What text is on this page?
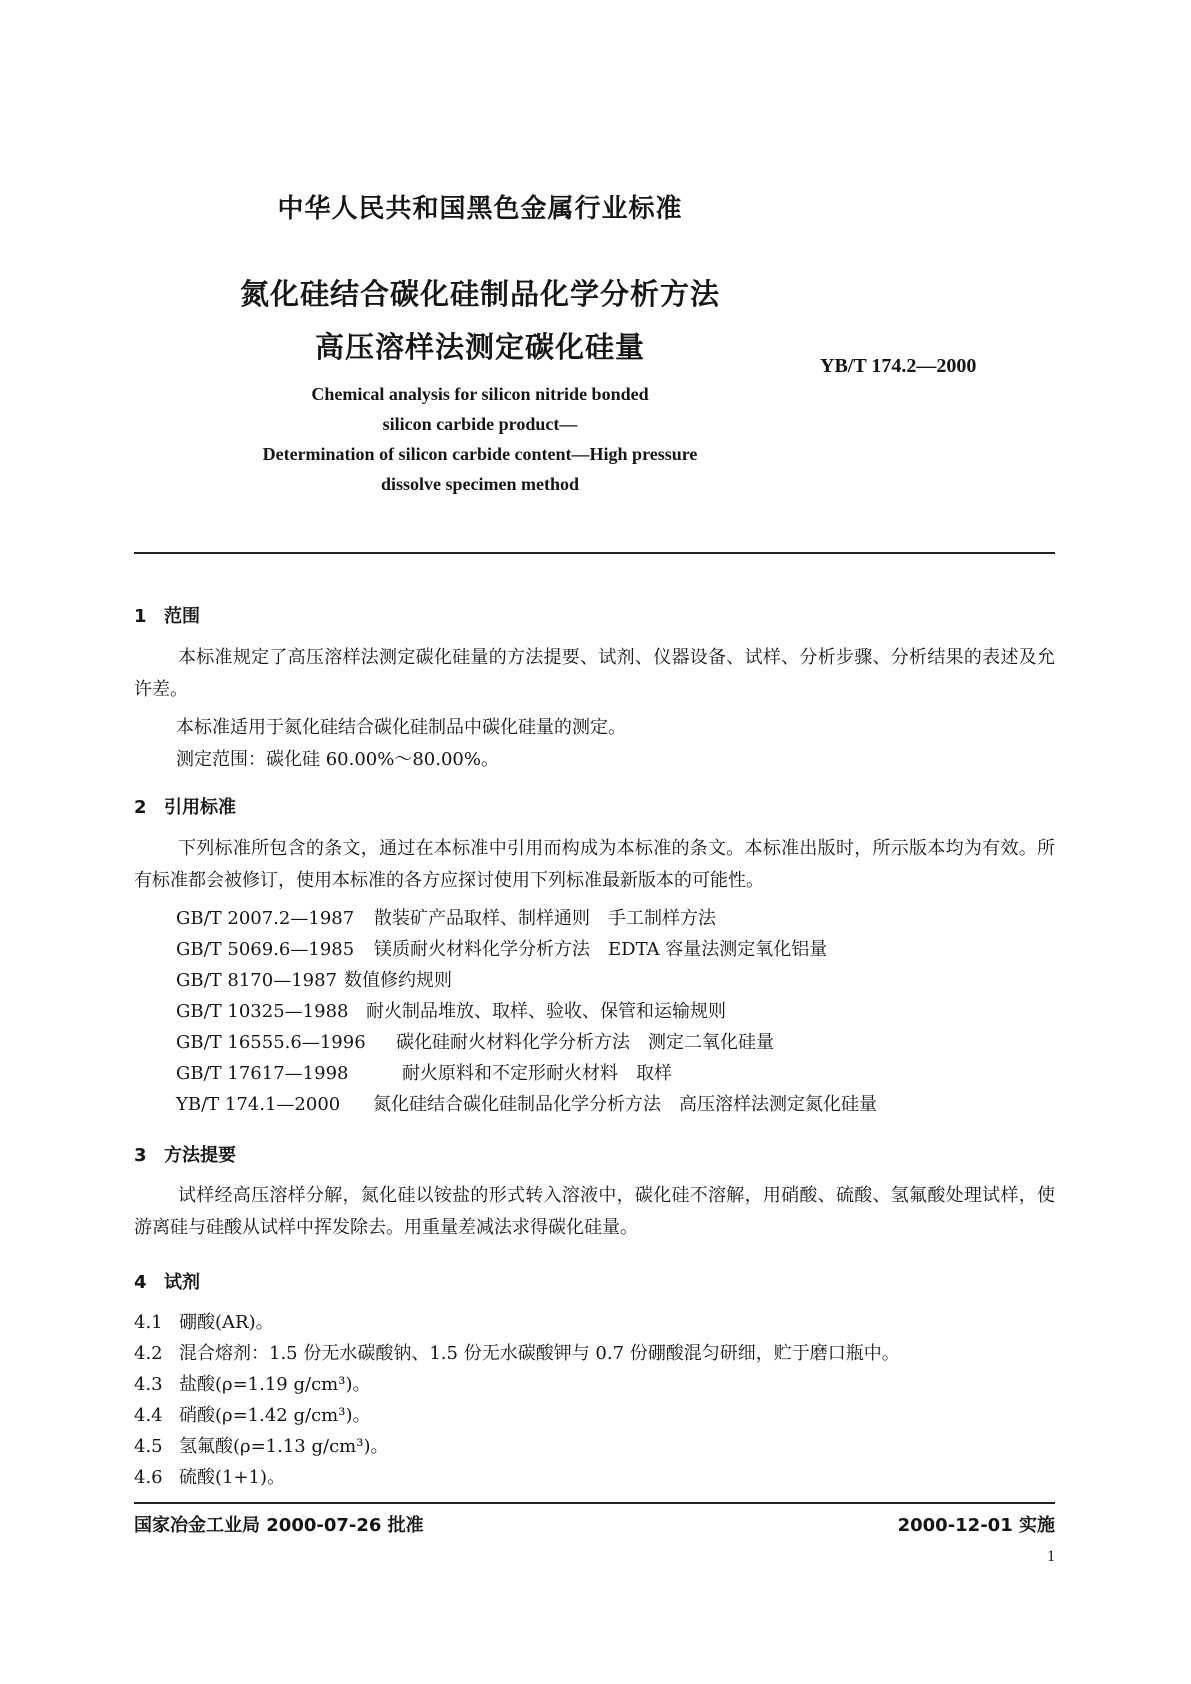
中华人民共和国黑色金属行业标准
氮化硅结合碳化硅制品化学分析方法
高压溶样法测定碳化硅量
YB/T 174.2—2000
Chemical analysis for silicon nitride bonded
silicon carbide product—
Determination of silicon carbide content—High pressure
dissolve specimen method
1 范围
本标准规定了高压溶样法测定碳化硅量的方法提要、试剂、仪器设备、试样、分析步骤、分析结果的表述及允许差。
本标准适用于氮化硅结合碳化硅制品中碳化硅量的测定。
测定范围：碳化硅 60.00%～80.00%。
2 引用标准
下列标准所包含的条文，通过在本标准中引用而构成为本标准的条文。本标准出版时，所示版本均为有效。所有标准都会被修订，使用本标准的各方应探讨使用下列标准最新版本的可能性。
GB/T 2007.2—1987 散装矿产品取样、制样通则　手工制样方法
GB/T 5069.6—1985 镁质耐火材料化学分析方法　EDTA 容量法测定氧化铝量
GB/T 8170—1987 数值修约规则
GB/T 10325—1988 耐火制品堆放、取样、验收、保管和运输规则
GB/T 16555.6—1996 碳化硅耐火材料化学分析方法　测定二氧化硅量
GB/T 17617—1998	耐火原料和不定形耐火材料　取样
YB/T 174.1—2000 氮化硅结合碳化硅制品化学分析方法　高压溶样法测定氮化硅量
3 方法提要
试样经高压溶样分解，氮化硅以铵盐的形式转入溶液中，碳化硅不溶解，用硝酸、硫酸、氢氟酸处理试样，使游离硅与硅酸从试样中挥发除去。用重量差减法求得碳化硅量。
4 试剂
4.1 硼酸(AR)。
4.2 混合熔剂：1.5 份无水碳酸钠、1.5 份无水碳酸钾与 0.7 份硼酸混匀研细，贮于磨口瓶中。
4.3 盐酸(ρ=1.19 g/cm³)。
4.4 硝酸(ρ=1.42 g/cm³)。
4.5 氢氟酸(ρ=1.13 g/cm³)。
4.6 硫酸(1+1)。
国家冶金工业局 2000-07-26 批准	2000-12-01 实施
1
